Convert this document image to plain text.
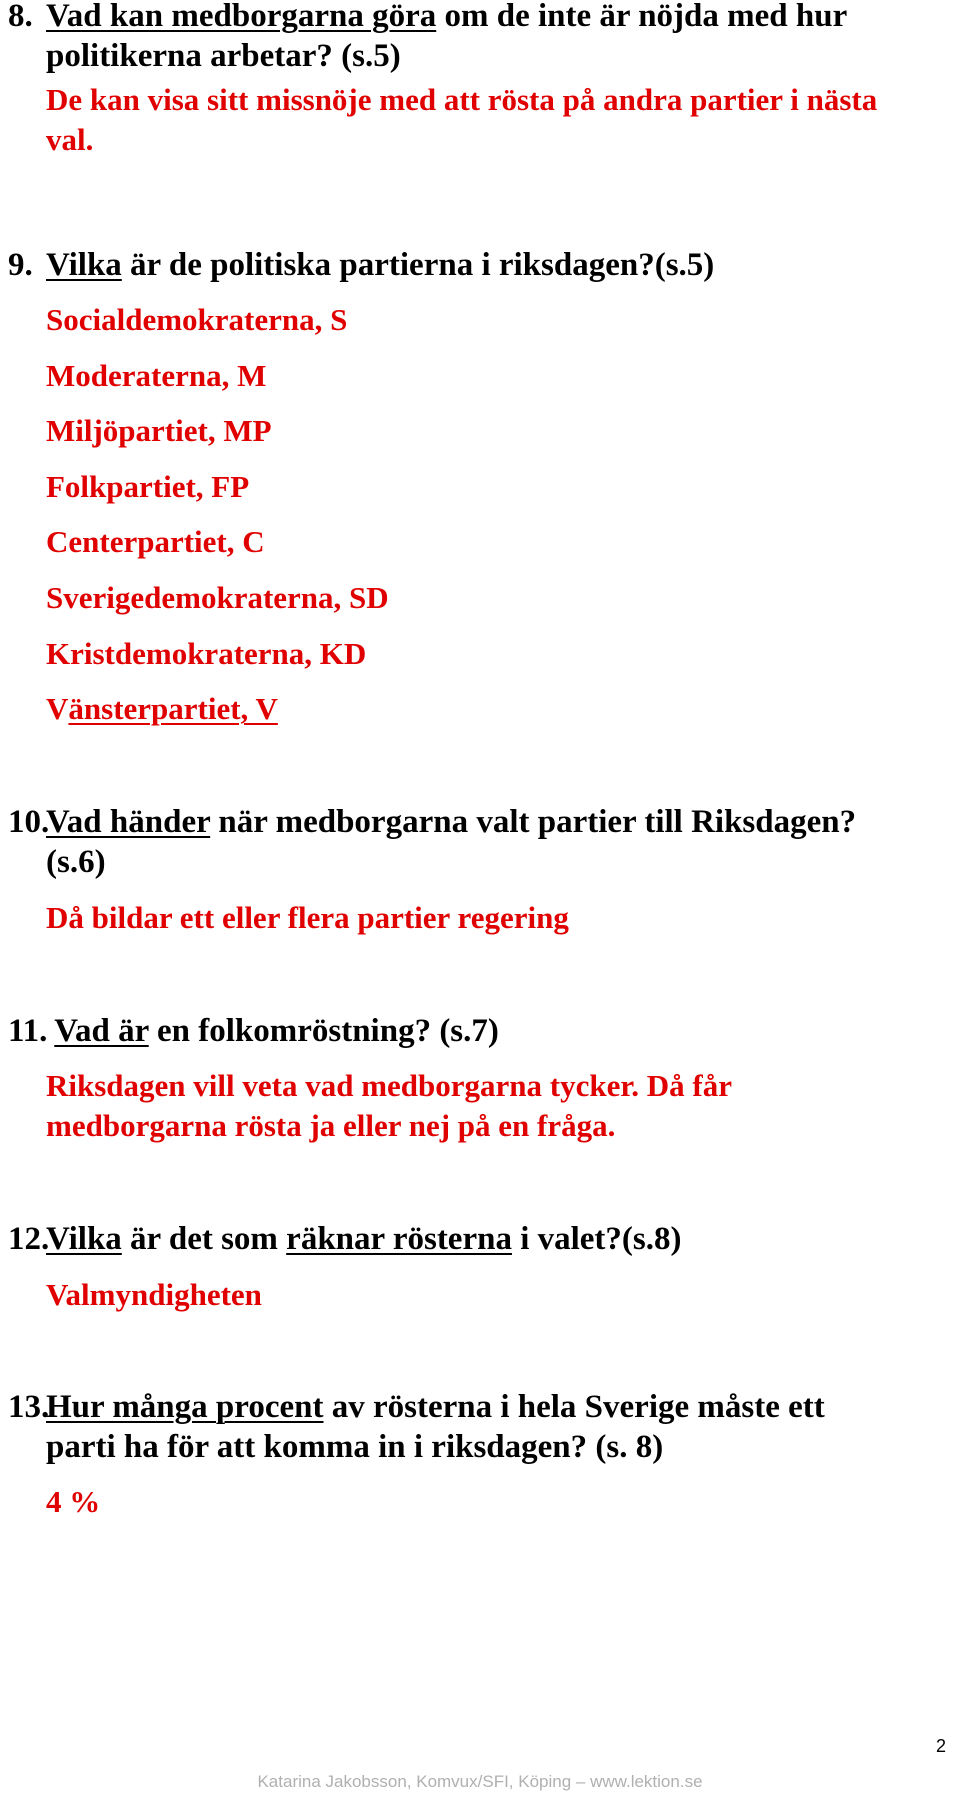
8. Vad kan medborgarna göra om de inte är nöjda med hur
politikerna arbetar? (s.5)
De kan visa sitt missnöje med att rösta på andra partier i nästa val.
9. Vilka är de politiska partierna i riksdagen?(s.5)
Socialdemokraterna, S
Moderaterna, M
Miljöpartiet, MP
Folkpartiet, FP
Centerpartiet, C
Sverigedemokraterna, SD
Kristdemokraterna, KD
Vänsterpartiet, V
10.
Vad händer när medborgarna valt partier till Riksdagen?
(s.6)
Då bildar ett eller flera partier regering
11. Vad är en folkomröstning? (s.7)
Riksdagen vill veta vad medborgarna tycker. Då får
medborgarna rösta ja eller nej på en fråga.
12.
Vilka är det som räknar rösterna i valet?(s.8)
Valmyndigheten
13.
Hur många procent av rösterna i hela Sverige måste ett
parti ha för att komma in i riksdagen? (s. 8)
4 %
2
Katarina Jakobsson, Komvux/SFI, Köping – www.lektion.se
